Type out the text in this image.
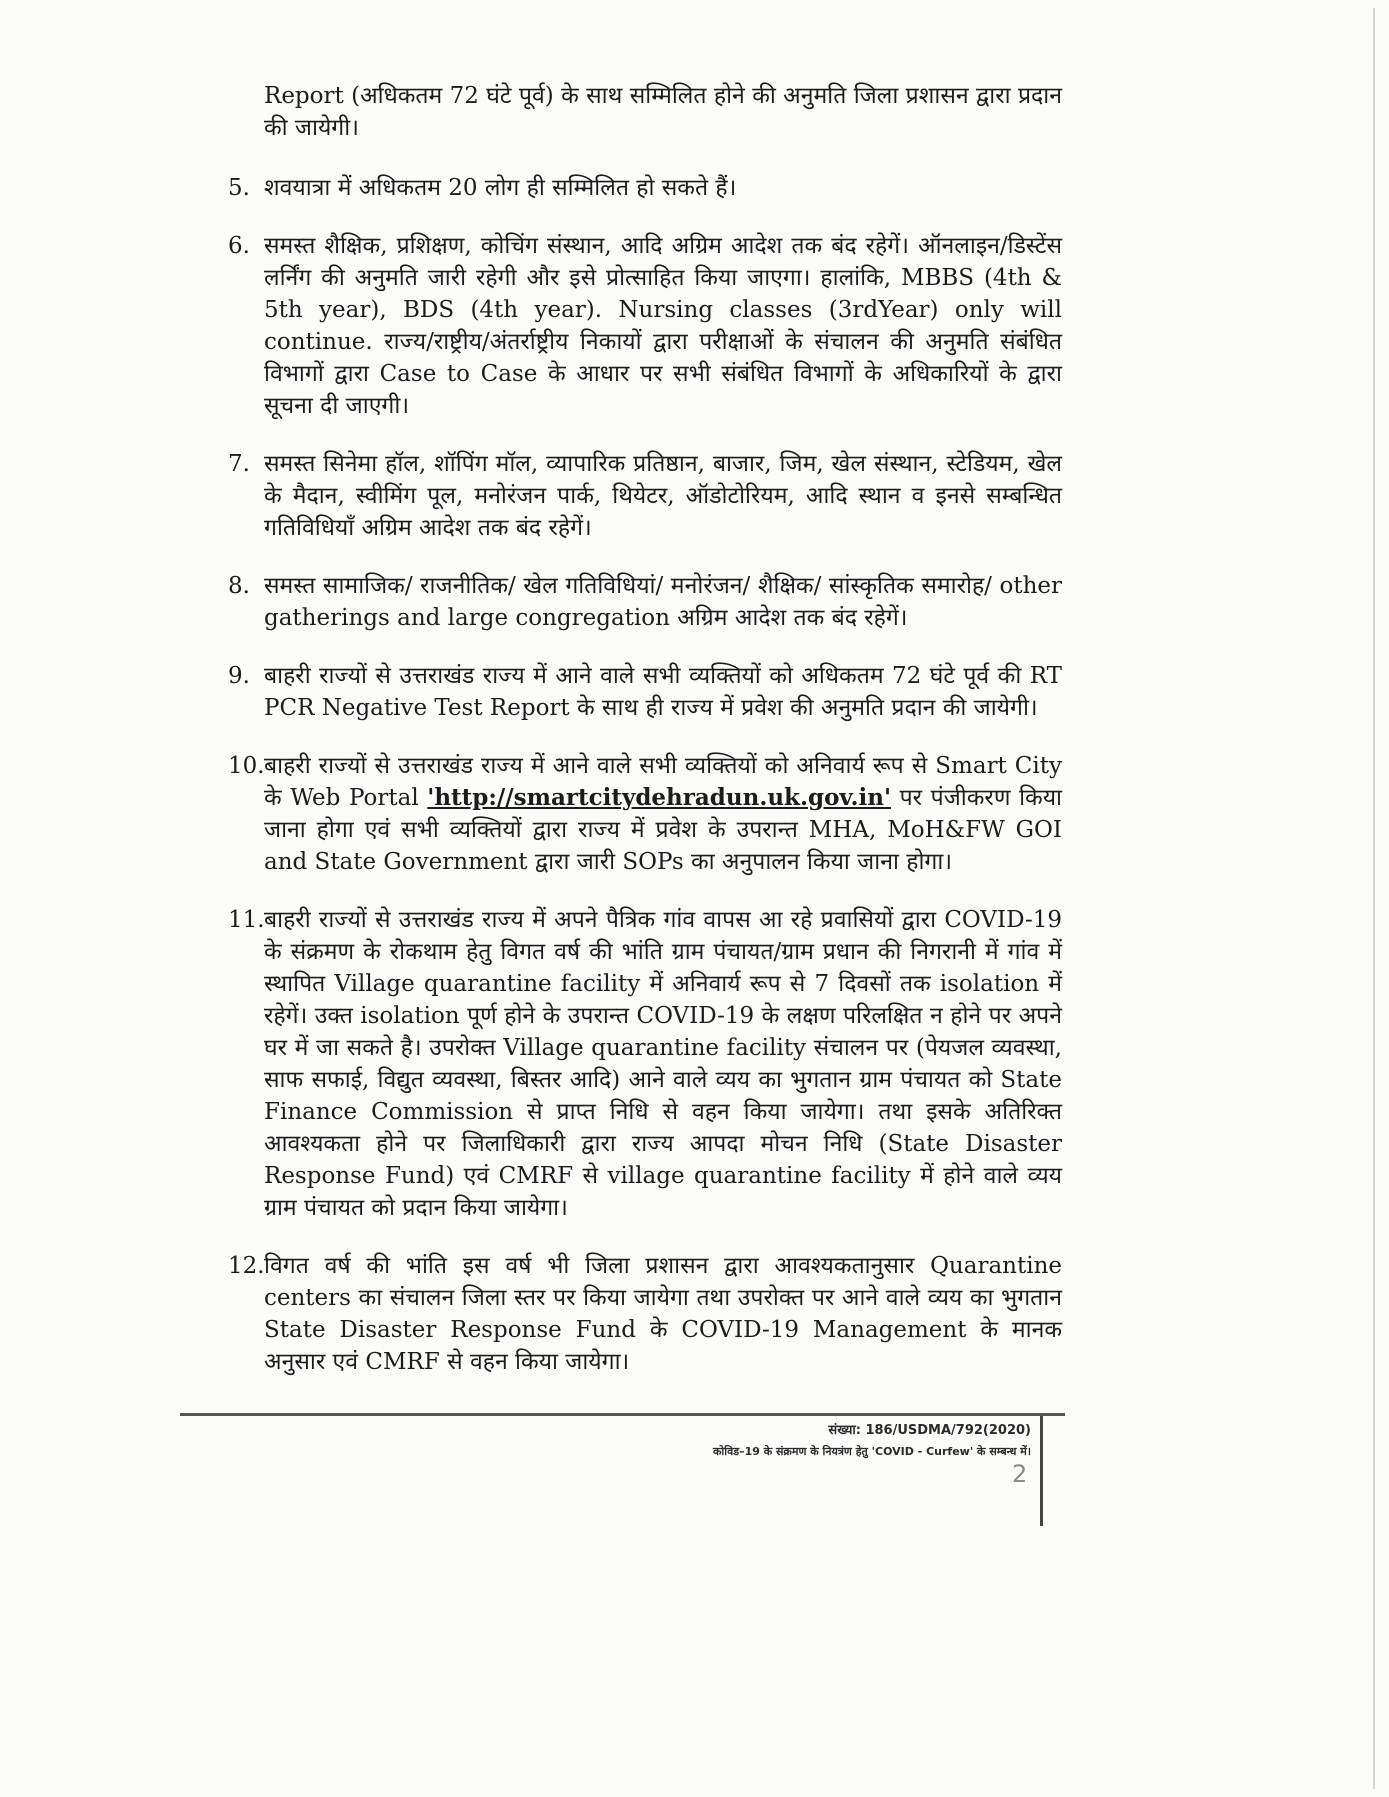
Report (अधिकतम 72 घंटे पूर्व) के साथ सम्मिलित होने की अनुमति जिला प्रशासन द्वारा प्रदान की जायेगी।

5. शवयात्रा में अधिकतम 20 लोग ही सम्मिलित हो सकते हैं।
6. समस्त शैक्षिक, प्रशिक्षण, कोचिंग संस्थान, आदि अग्रिम आदेश तक बंद रहेगें। ऑनलाइन/डिस्टेंस लर्निंग की अनुमति जारी रहेगी और इसे प्रोत्साहित किया जाएगा। हालांकि, MBBS (4th & 5th year), BDS (4th year). Nursing classes (3rdYear) only will continue. राज्य/राष्ट्रीय/अंतर्राष्ट्रीय निकायों द्वारा परीक्षाओं के संचालन की अनुमति संबंधित विभागों द्वारा Case to Case के आधार पर सभी संबंधित विभागों के अधिकारियों के द्वारा सूचना दी जाएगी।
7. समस्त सिनेमा हॉल, शॉपिंग मॉल, व्यापारिक प्रतिष्ठान, बाजार, जिम, खेल संस्थान, स्टेडियम, खेल के मैदान, स्वीमिंग पूल, मनोरंजन पार्क, थियेटर, ऑडोटोरियम, आदि स्थान व इनसे सम्बन्धित गतिविधियाँ अग्रिम आदेश तक बंद रहेगें।
8. समस्त सामाजिक/ राजनीतिक/ खेल गतिविधियां/ मनोरंजन/ शैक्षिक/ सांस्कृतिक समारोह/ other gatherings and large congregation अग्रिम आदेश तक बंद रहेगें।
9. बाहरी राज्यों से उत्तराखंड राज्य में आने वाले सभी व्यक्तियों को अधिकतम 72 घंटे पूर्व की RT PCR Negative Test Report के साथ ही राज्य में प्रवेश की अनुमति प्रदान की जायेगी।
10. बाहरी राज्यों से उत्तराखंड राज्य में आने वाले सभी व्यक्तियों को अनिवार्य रूप से Smart City के Web Portal 'http://smartcitydehradun.uk.gov.in' पर पंजीकरण किया जाना होगा एवं सभी व्यक्तियों द्वारा राज्य में प्रवेश के उपरान्त MHA, MoH&FW GOI and State Government द्वारा जारी SOPs का अनुपालन किया जाना होगा।
11. बाहरी राज्यों से उत्तराखंड राज्य में अपने पैत्रिक गांव वापस आ रहे प्रवासियों द्वारा COVID-19 के संक्रमण के रोकथाम हेतु विगत वर्ष की भांति ग्राम पंचायत/ग्राम प्रधान की निगरानी में गांव में स्थापित Village quarantine facility में अनिवार्य रूप से 7 दिवसों तक isolation में रहेगें। उक्त isolation पूर्ण होने के उपरान्त COVID-19 के लक्षण परिलक्षित न होने पर अपने घर में जा सकते है। उपरोक्त Village quarantine facility संचालन पर (पेयजल व्यवस्था, साफ सफाई, विद्युत व्यवस्था, बिस्तर आदि) आने वाले व्यय का भुगतान ग्राम पंचायत को State Finance Commission से प्राप्त निधि से वहन किया जायेगा। तथा इसके अतिरिक्त आवश्यकता होने पर जिलाधिकारी द्वारा राज्य आपदा मोचन निधि (State Disaster Response Fund) एवं CMRF से village quarantine facility में होने वाले व्यय ग्राम पंचायत को प्रदान किया जायेगा।
12. विगत वर्ष की भांति इस वर्ष भी जिला प्रशासन द्वारा आवश्यकतानुसार Quarantine centers का संचालन जिला स्तर पर किया जायेगा तथा उपरोक्त पर आने वाले व्यय का भुगतान State Disaster Response Fund के COVID-19 Management के मानक अनुसार एवं CMRF से वहन किया जायेगा।
संख्या: 186/USDMA/792(2020)
कोविड–19 के संक्रमण के नियत्रंण हेतु 'COVID - Curfew' के सम्बन्ध में।
2
